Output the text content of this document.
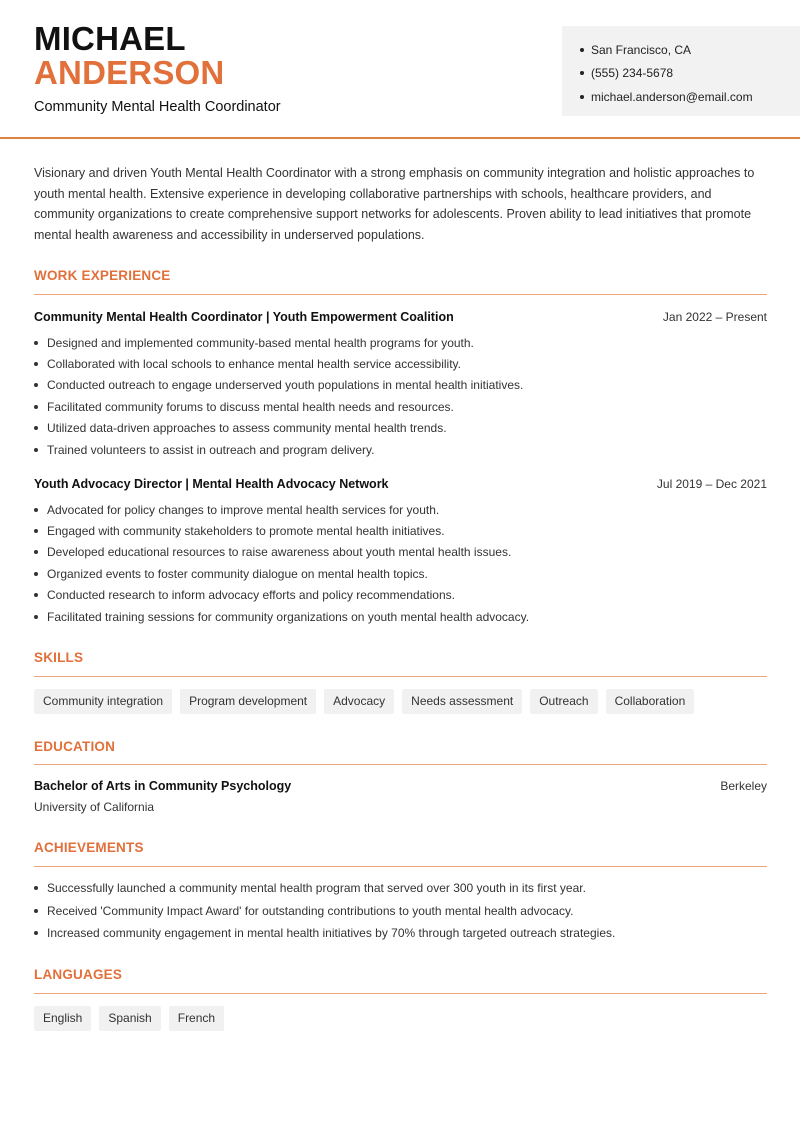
MICHAEL
ANDERSON
Community Mental Health Coordinator
San Francisco, CA
(555) 234-5678
michael.anderson@email.com
Visionary and driven Youth Mental Health Coordinator with a strong emphasis on community integration and holistic approaches to youth mental health. Extensive experience in developing collaborative partnerships with schools, healthcare providers, and community organizations to create comprehensive support networks for adolescents. Proven ability to lead initiatives that promote mental health awareness and accessibility in underserved populations.
WORK EXPERIENCE
Community Mental Health Coordinator | Youth Empowerment Coalition	Jan 2022 – Present
Designed and implemented community-based mental health programs for youth.
Collaborated with local schools to enhance mental health service accessibility.
Conducted outreach to engage underserved youth populations in mental health initiatives.
Facilitated community forums to discuss mental health needs and resources.
Utilized data-driven approaches to assess community mental health trends.
Trained volunteers to assist in outreach and program delivery.
Youth Advocacy Director | Mental Health Advocacy Network	Jul 2019 – Dec 2021
Advocated for policy changes to improve mental health services for youth.
Engaged with community stakeholders to promote mental health initiatives.
Developed educational resources to raise awareness about youth mental health issues.
Organized events to foster community dialogue on mental health topics.
Conducted research to inform advocacy efforts and policy recommendations.
Facilitated training sessions for community organizations on youth mental health advocacy.
SKILLS
Community integration	Program development	Advocacy	Needs assessment	Outreach	Collaboration
EDUCATION
Bachelor of Arts in Community Psychology	Berkeley
University of California
ACHIEVEMENTS
Successfully launched a community mental health program that served over 300 youth in its first year.
Received 'Community Impact Award' for outstanding contributions to youth mental health advocacy.
Increased community engagement in mental health initiatives by 70% through targeted outreach strategies.
LANGUAGES
English	Spanish	French
